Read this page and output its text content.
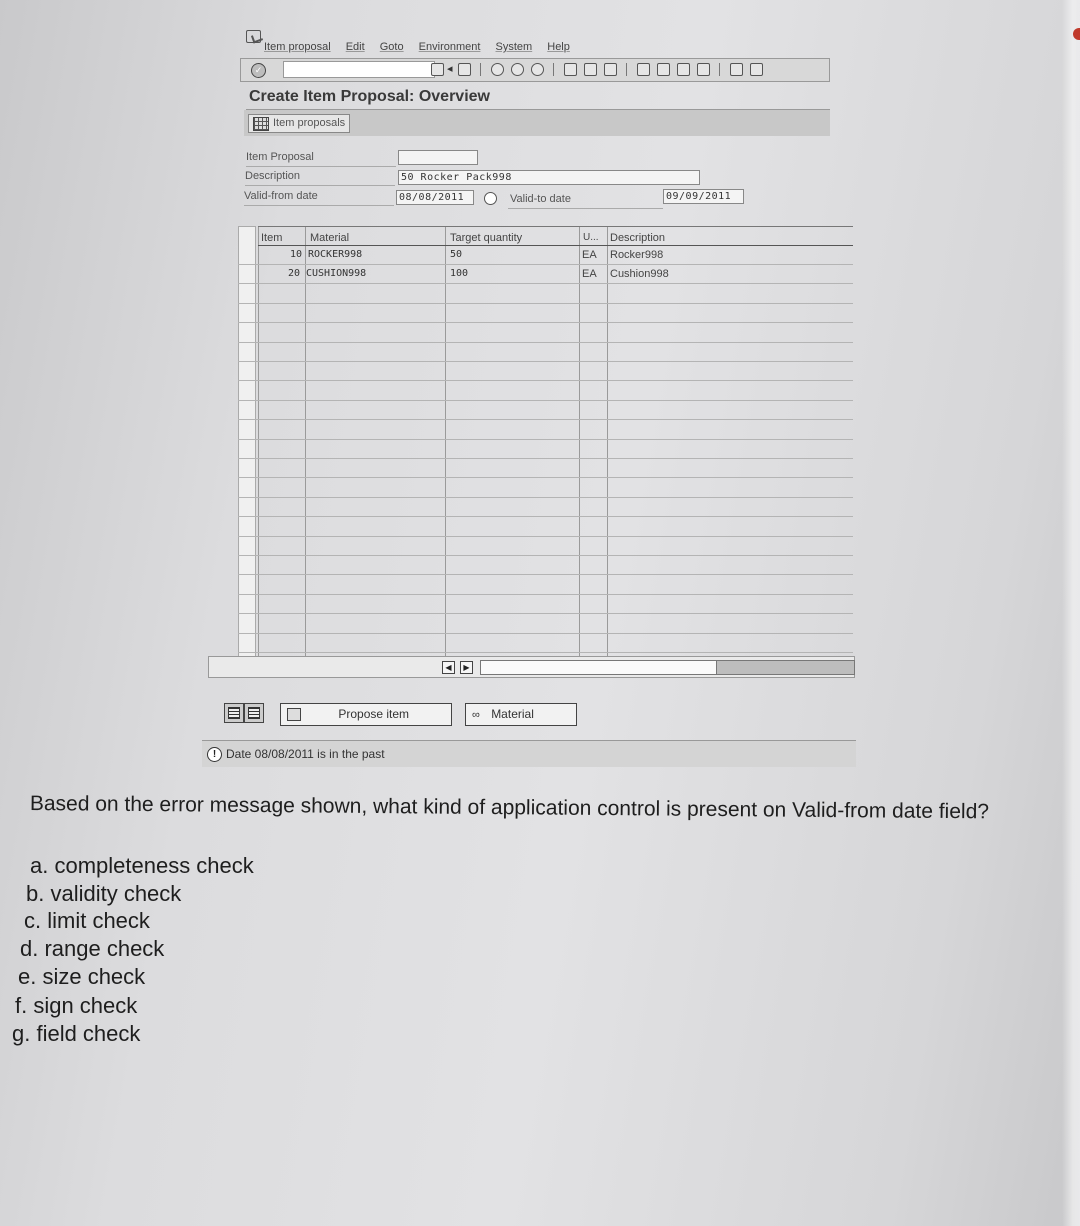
Item proposal Edit Goto Environment System Help
✓	◂
Create Item Proposal: Overview
Item proposals
Item Proposal
Description	50 Rocker Pack998
Valid-from date	08/08/2011	Valid-to date	09/09/2011
Item	Material	Target quantity	U... Description
10 ROCKER998	50	EA Rocker998
20 CUSHION998	100	EA Cushion998
◀	▶
Propose item	∞ Material
! Date 08/08/2011 is in the past
Based on the error message shown, what kind of application control is present on Valid-from date field?
a. completeness check
b. validity check
c. limit check
d. range check
e. size check
f. sign check
g. field check
